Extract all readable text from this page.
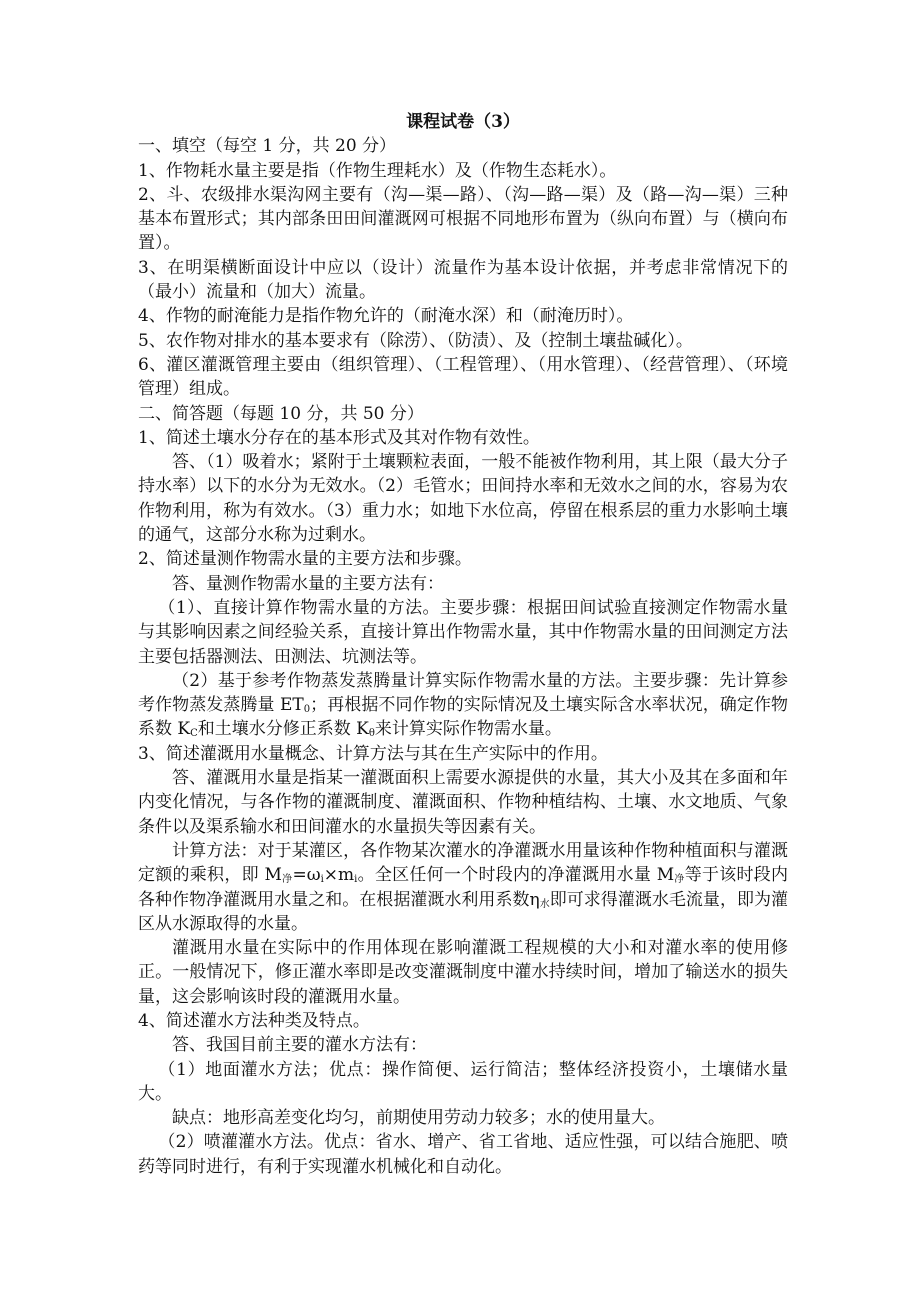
课程试卷（3）
一、填空（每空 1 分，共 20 分）
1、作物耗水量主要是指（作物生理耗水）及（作物生态耗水）。
2、斗、农级排水渠沟网主要有（沟—渠—路）、（沟—路—渠）及（路—沟—渠）三种基本布置形式；其内部条田田间灌溉网可根据不同地形布置为（纵向布置）与（横向布置）。
3、在明渠横断面设计中应以（设计）流量作为基本设计依据，并考虑非常情况下的（最小）流量和（加大）流量。
4、作物的耐淹能力是指作物允许的（耐淹水深）和（耐淹历时）。
5、农作物对排水的基本要求有（除涝）、（防渍）、及（控制土壤盐碱化）。
6、灌区灌溉管理主要由（组织管理）、（工程管理）、（用水管理）、（经营管理）、（环境管理）组成。
二、简答题（每题 10 分，共 50 分）
1、简述土壤水分存在的基本形式及其对作物有效性。
答、（1）吸着水；紧附于土壤颗粒表面，一般不能被作物利用，其上限（最大分子持水率）以下的水分为无效水。（2）毛管水；田间持水率和无效水之间的水，容易为农作物利用，称为有效水。（3）重力水；如地下水位高，停留在根系层的重力水影响土壤的通气，这部分水称为过剩水。
2、简述量测作物需水量的主要方法和步骤。
答、量测作物需水量的主要方法有：
（1）、直接计算作物需水量的方法。主要步骤：根据田间试验直接测定作物需水量与其影响因素之间经验关系，直接计算出作物需水量，其中作物需水量的田间测定方法主要包括器测法、田测法、坑测法等。
（2）基于参考作物蒸发蒸腾量计算实际作物需水量的方法。主要步骤：先计算参考作物蒸发蒸腾量 $ET_0$；再根据不同作物的实际情况及土壤实际含水率状况，确定作物系数 $K_C$和土壤水分修正系数 $K_\theta$来计算实际作物需水量。
3、简述灌溉用水量概念、计算方法与其在生产实际中的作用。
答、灌溉用水量是指某一灌溉面积上需要水源提供的水量，其大小及其在多面和年内变化情况，与各作物的灌溉制度、灌溉面积、作物种植结构、土壤、水文地质、气象条件以及渠系输水和田间灌水的水量损失等因素有关。
计算方法：对于某灌区，各作物某次灌水的净灌溉水用量该种作物种植面积与灌溉定额的乘积，即 $M_净=\omega_i\times m_i$。全区任何一个时段内的净灌溉用水量 $M_净$等于该时段内各种作物净灌溉用水量之和。在根据灌溉水利用系数$\eta_水$即可求得灌溉水毛流量，即为灌区从水源取得的水量。
灌溉用水量在实际中的作用体现在影响灌溉工程规模的大小和对灌水率的使用修正。一般情况下，修正灌水率即是改变灌溉制度中灌水持续时间，增加了输送水的损失量，这会影响该时段的灌溉用水量。
4、简述灌水方法种类及特点。
答、我国目前主要的灌水方法有：
（1）地面灌水方法；优点：操作简便、运行简洁；整体经济投资小，土壤储水量大。
缺点：地形高差变化均匀，前期使用劳动力较多；水的使用量大。
（2）喷灌灌水方法。优点：省水、增产、省工省地、适应性强，可以结合施肥、喷药等同时进行，有利于实现灌水机械化和自动化。
